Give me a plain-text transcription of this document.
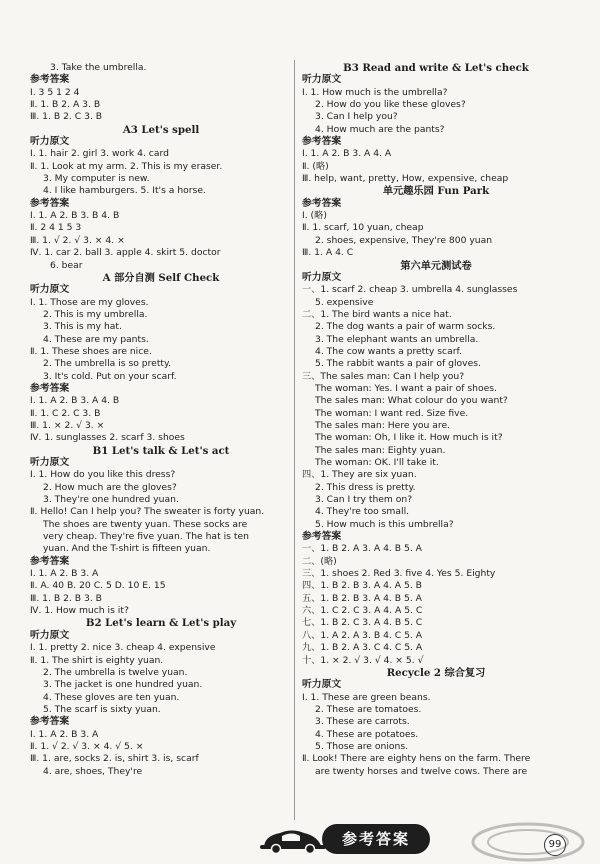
3. Take the umbrella.
参考答案
Ⅰ. 3 5 1 2 4
Ⅱ. 1. B 2. A 3. B
Ⅲ. 1. B 2. C 3. B
A3 Let's spell
听力原文
Ⅰ. 1. hair 2. girl 3. work 4. card
Ⅱ. 1. Look at my arm. 2. This is my eraser.
3. My computer is new.
4. I like hamburgers. 5. It's a horse.
参考答案
Ⅰ. 1. A 2. B 3. B 4. B
Ⅱ. 2 4 1 5 3
Ⅲ. 1. √ 2. √ 3. × 4. ×
Ⅳ. 1. car 2. ball 3. apple 4. skirt 5. doctor
6. bear
A 部分自测 Self Check
听力原文
Ⅰ. 1. Those are my gloves.
2. This is my umbrella.
3. This is my hat.
4. These are my pants.
Ⅱ. 1. These shoes are nice.
2. The umbrella is so pretty.
3. It's cold. Put on your scarf.
参考答案
Ⅰ. 1. A 2. B 3. A 4. B
Ⅱ. 1. C 2. C 3. B
Ⅲ. 1. × 2. √ 3. ×
Ⅳ. 1. sunglasses 2. scarf 3. shoes
B1 Let's talk & Let's act
听力原文
Ⅰ. 1. How do you like this dress?
2. How much are the gloves?
3. They're one hundred yuan.
Ⅱ. Hello! Can I help you? The sweater is forty yuan.
The shoes are twenty yuan. These socks are
very cheap. They're five yuan. The hat is ten
yuan. And the T-shirt is fifteen yuan.
参考答案
Ⅰ. 1. A 2. B 3. A
Ⅱ. A. 40 B. 20 C. 5 D. 10 E. 15
Ⅲ. 1. B 2. B 3. B
Ⅳ. 1. How much is it?
B2 Let's learn & Let's play
听力原文
Ⅰ. 1. pretty 2. nice 3. cheap 4. expensive
Ⅱ. 1. The shirt is eighty yuan.
2. The umbrella is twelve yuan.
3. The jacket is one hundred yuan.
4. These gloves are ten yuan.
5. The scarf is sixty yuan.
参考答案
Ⅰ. 1. A 2. B 3. A
Ⅱ. 1. √ 2. √ 3. × 4. √ 5. ×
Ⅲ. 1. are, socks 2. is, shirt 3. is, scarf
4. are, shoes, They're
B3 Read and write & Let's check
听力原文
Ⅰ. 1. How much is the umbrella?
2. How do you like these gloves?
3. Can I help you?
4. How much are the pants?
参考答案
Ⅰ. 1. A 2. B 3. A 4. A
Ⅱ. (略)
Ⅲ. help, want, pretty, How, expensive, cheap
单元趣乐园 Fun Park
参考答案
Ⅰ. (略)
Ⅱ. 1. scarf, 10 yuan, cheap
2. shoes, expensive, They're 800 yuan
Ⅲ. 1. A 4. C
第六单元测试卷
听力原文
一、1. scarf 2. cheap 3. umbrella 4. sunglasses
5. expensive
二、1. The bird wants a nice hat.
2. The dog wants a pair of warm socks.
3. The elephant wants an umbrella.
4. The cow wants a pretty scarf.
5. The rabbit wants a pair of gloves.
三、The sales man: Can I help you?
The woman: Yes. I want a pair of shoes.
The sales man: What colour do you want?
The woman: I want red. Size five.
The sales man: Here you are.
The woman: Oh, I like it. How much is it?
The sales man: Eighty yuan.
The woman: OK. I'll take it.
四、1. They are six yuan.
2. This dress is pretty.
3. Can I try them on?
4. They're too small.
5. How much is this umbrella?
参考答案
一、1. B 2. A 3. A 4. B 5. A
二、(略)
三、1. shoes 2. Red 3. five 4. Yes 5. Eighty
四、1. B 2. B 3. A 4. A 5. B
五、1. B 2. B 3. A 4. B 5. A
六、1. C 2. C 3. A 4. A 5. C
七、1. B 2. C 3. A 4. B 5. C
八、1. A 2. A 3. B 4. C 5. A
九、1. B 2. A 3. C 4. C 5. A
十、1. × 2. √ 3. √ 4. × 5. √
Recycle 2 综合复习
听力原文
Ⅰ. 1. These are green beans.
2. These are tomatoes.
3. These are carrots.
4. These are potatoes.
5. Those are onions.
Ⅱ. Look! There are eighty hens on the farm. There
are twenty horses and twelve cows. There are
参考答案	99
